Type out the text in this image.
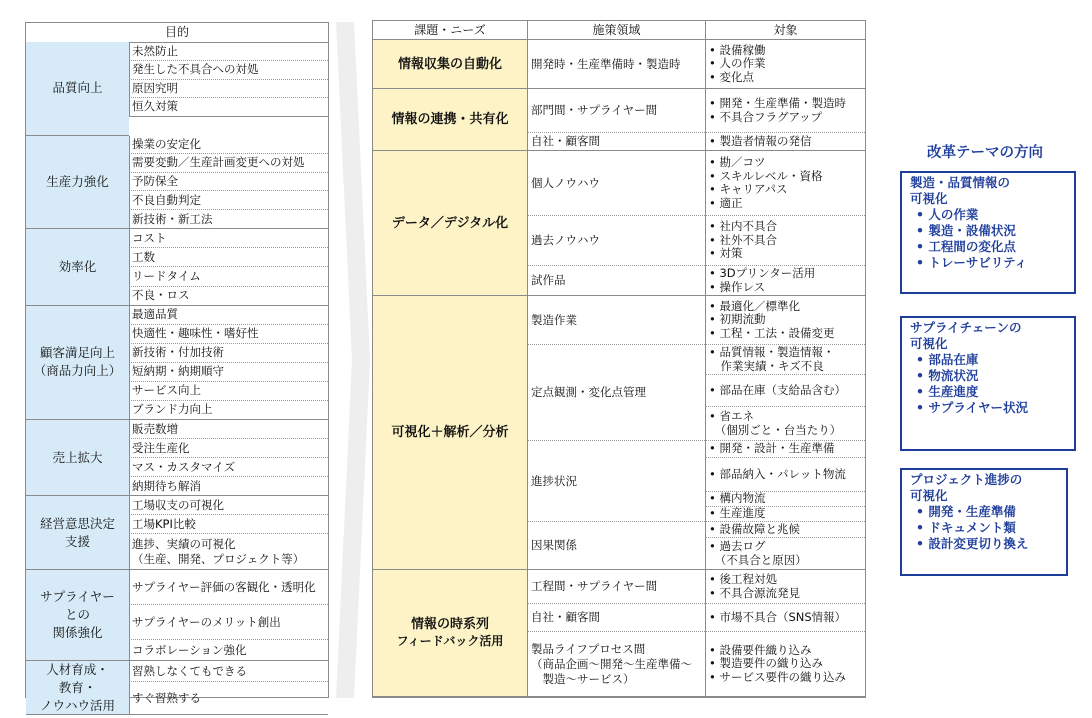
目的
品質向上
未然防止
発生した不具合への対処
原因究明
恒久対策
生産力強化
操業の安定化
需要変動／生産計画変更への対処
予防保全
不良自動判定
新技術・新工法
効率化
コスト
工数
リードタイム
不良・ロス
顧客満足向上
（商品力向上）
最適品質
快適性・趣味性・嗜好性
新技術・付加技術
短納期・納期順守
サービス向上
ブランド力向上
売上拡大
販売数増
受注生産化
マス・カスタマイズ
納期待ち解消
経営意思決定
支援
工場収支の可視化
工場KPI比較
進捗、実績の可視化
（生産、開発、プロジェクト等）
サプライヤー
との
関係強化
サプライヤー評価の客観化・透明化
サプライヤーのメリット創出
コラボレーション強化
人材育成・
教育・
ノウハウ活用
習熟しなくてもできる
すぐ習熟する
課題・ニーズ	施策領域	対象
情報収集の自動化
情報の連携・共有化
データ／デジタル化
可視化＋解析／分析
情報の時系列
フィードバック活用
開発時・生産準備時・製造時
部門間・サプライヤー間
自社・顧客間
個人ノウハウ
過去ノウハウ
試作品
製造作業
定点観測・変化点管理
進捗状況
因果関係
工程間・サプライヤー間
自社・顧客間
製品ライフプロセス間
（商品企画～開発～生産準備～
　製造～サービス）
• 設備稼働
• 人の作業
• 変化点
• 開発・生産準備・製造時
• 不具合フラグアップ
• 製造者情報の発信
• 勘／コツ
• スキルレベル・資格
• キャリアパス
• 適正
• 社内不具合
• 社外不具合
• 対策
• 3Dプリンター活用
• 操作レス
• 最適化／標準化
• 初期流動
• 工程・工法・設備変更
• 品質情報・製造情報・
　作業実績・キズ不良
• 部品在庫（支給品含む）
• 省エネ
　（個別ごと・台当たり）
• 開発・設計・生産準備
• 部品納入・パレット物流
• 構内物流
• 生産進度
• 設備故障と兆候
• 過去ログ
　（不具合と原因）
• 後工程対処
• 不具合源流発見
• 市場不具合（SNS情報）
• 設備要件織り込み
• 製造要件の織り込み
• サービス要件の織り込み
改革テーマの方向
製造・品質情報の
可視化
• 人の作業
• 製造・設備状況
• 工程間の変化点
• トレーサビリティ
サプライチェーンの
可視化
• 部品在庫
• 物流状況
• 生産進度
• サプライヤー状況
プロジェクト進捗の
可視化
• 開発・生産準備
• ドキュメント類
• 設計変更切り換え
